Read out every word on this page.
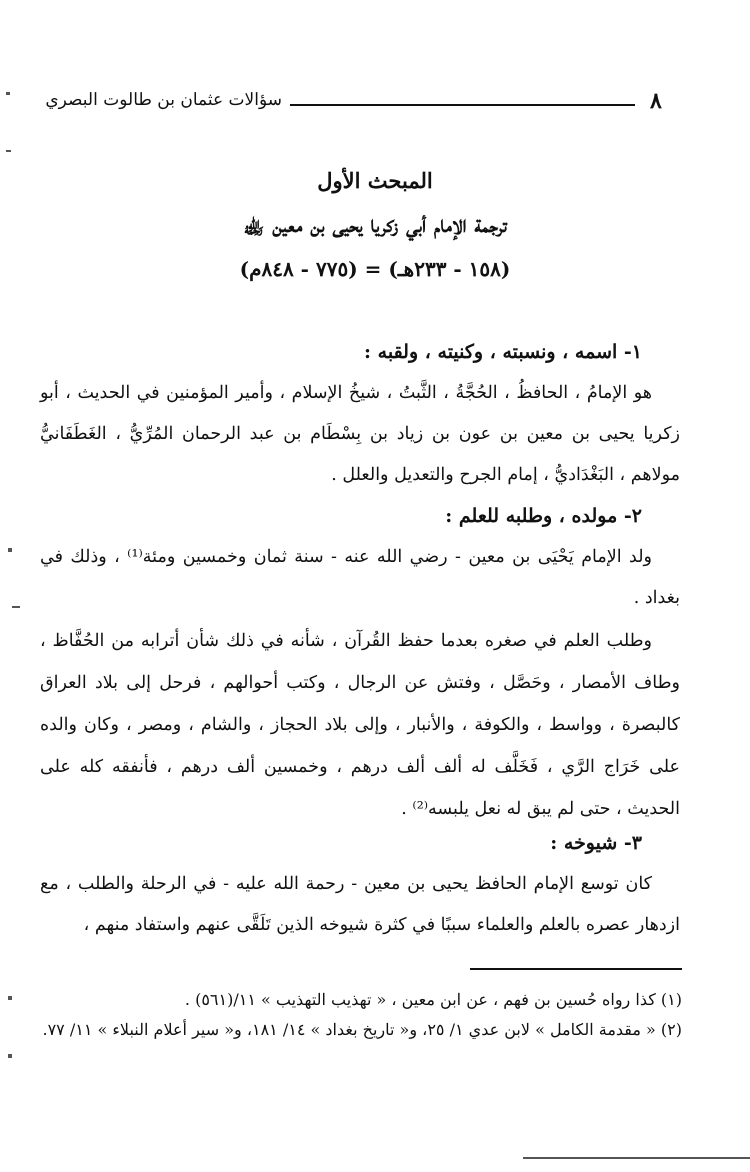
٨
سؤالات عثمان بن طالوت البصري
المبحث الأول
ترجمة الإمام أبي زكريا يحيى بن معين ﵀
(١٥٨ - ٢٣٣هـ) = (٧٧٥ - ٨٤٨م)

١- اسمه ، ونسبته ، وكنيته ، ولقبه :

هو الإمامُ ، الحافظُ ، الحُجَّةُ ، الثَّبتُ ، شيخُ الإسلام ، وأمير المؤمنين في الحديث ، أبو زكريا يحيى بن معين بن عون بن زياد بن بِسْطَام بن عبد الرحمان المُرِّيُّ ، الغَطَفَانيُّ مولاهم ، البَغْدَاديُّ ، إمام الجرح والتعديل والعلل .

٢- مولده ، وطلبه للعلم :

ولد الإمام يَحْيَى بن معين - رضي الله عنه - سنة ثمان وخمسين ومئة⁽¹⁾ ، وذلك في بغداد .

وطلب العلم في صغره بعدما حفظ القُرآن ، شأنه في ذلك شأن أترابه من الحُفَّاظ ، وطاف الأمصار ، وحَصَّل ، وفتش عن الرجال ، وكتب أحوالهم ، فرحل إلى بلاد العراق كالبصرة ، وواسط ، والكوفة ، والأنبار ، وإلى بلاد الحجاز ، والشام ، ومصر ، وكان والده على خَرَاج الرَّي ، فَخَلَّف له ألف ألف درهم ، وخمسين ألف درهم ، فأنفقه كله على الحديث ، حتى لم يبق له نعل يلبسه⁽²⁾ .

٣- شيوخه :

كان توسع الإمام الحافظ يحيى بن معين - رحمة الله عليه - في الرحلة والطلب ، مع ازدهار عصره بالعلم والعلماء سببًا في كثرة شيوخه الذين تَلَقَّى عنهم واستفاد منهم ،

(١) كذا رواه حُسين بن فهم ، عن ابن معين ، « تهذيب التهذيب » ١١/(٥٦١) .

(٢) « مقدمة الكامل » لابن عدي ١/ ٢٥، و« تاريخ بغداد » ١٤/ ١٨١، و« سير أعلام النبلاء » ١١/ ٧٧.
